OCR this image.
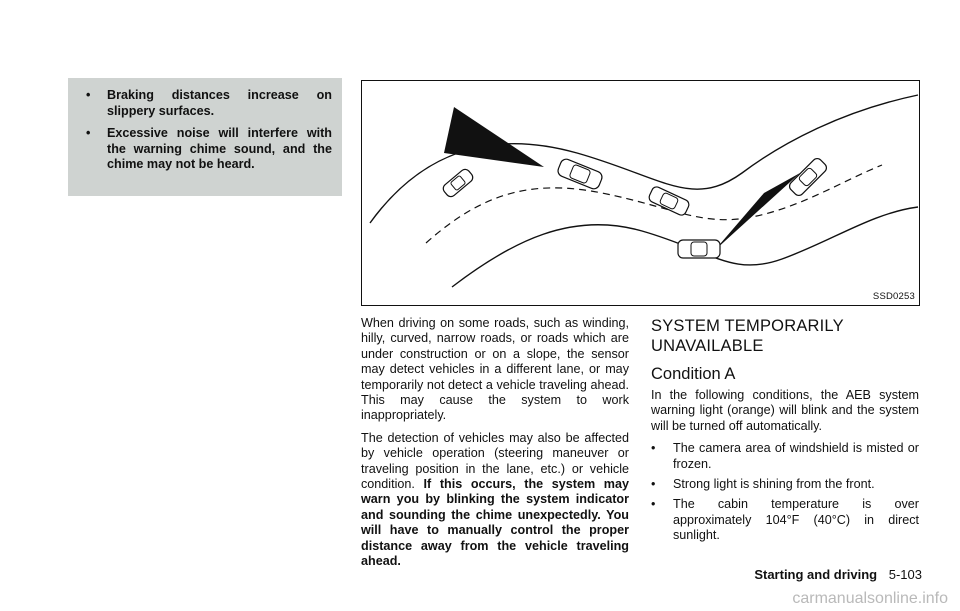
• Braking distances increase on slippery surfaces.
• Excessive noise will interfere with the warning chime sound, and the chime may not be heard.
SSD0253

When driving on some roads, such as winding, hilly, curved, narrow roads, or roads which are under construction or on a slope, the sensor may detect vehicles in a different lane, or may temporarily not detect a vehicle traveling ahead. This may cause the system to work inappropriately.

The detection of vehicles may also be affected by vehicle operation (steering maneuver or traveling position in the lane, etc.) or vehicle condition. If this occurs, the system may warn you by blinking the system indicator and sounding the chime unexpectedly. You will have to manually control the proper distance away from the vehicle traveling ahead.

SYSTEM TEMPORARILY UNAVAILABLE
Condition A

In the following conditions, the AEB system warning light (orange) will blink and the system will be turned off automatically.

• The camera area of windshield is misted or frozen.
• Strong light is shining from the front.
• The cabin temperature is over approximately 104°F (40°C) in direct sunlight.
Starting and driving 5-103
carmanualsonline.info
